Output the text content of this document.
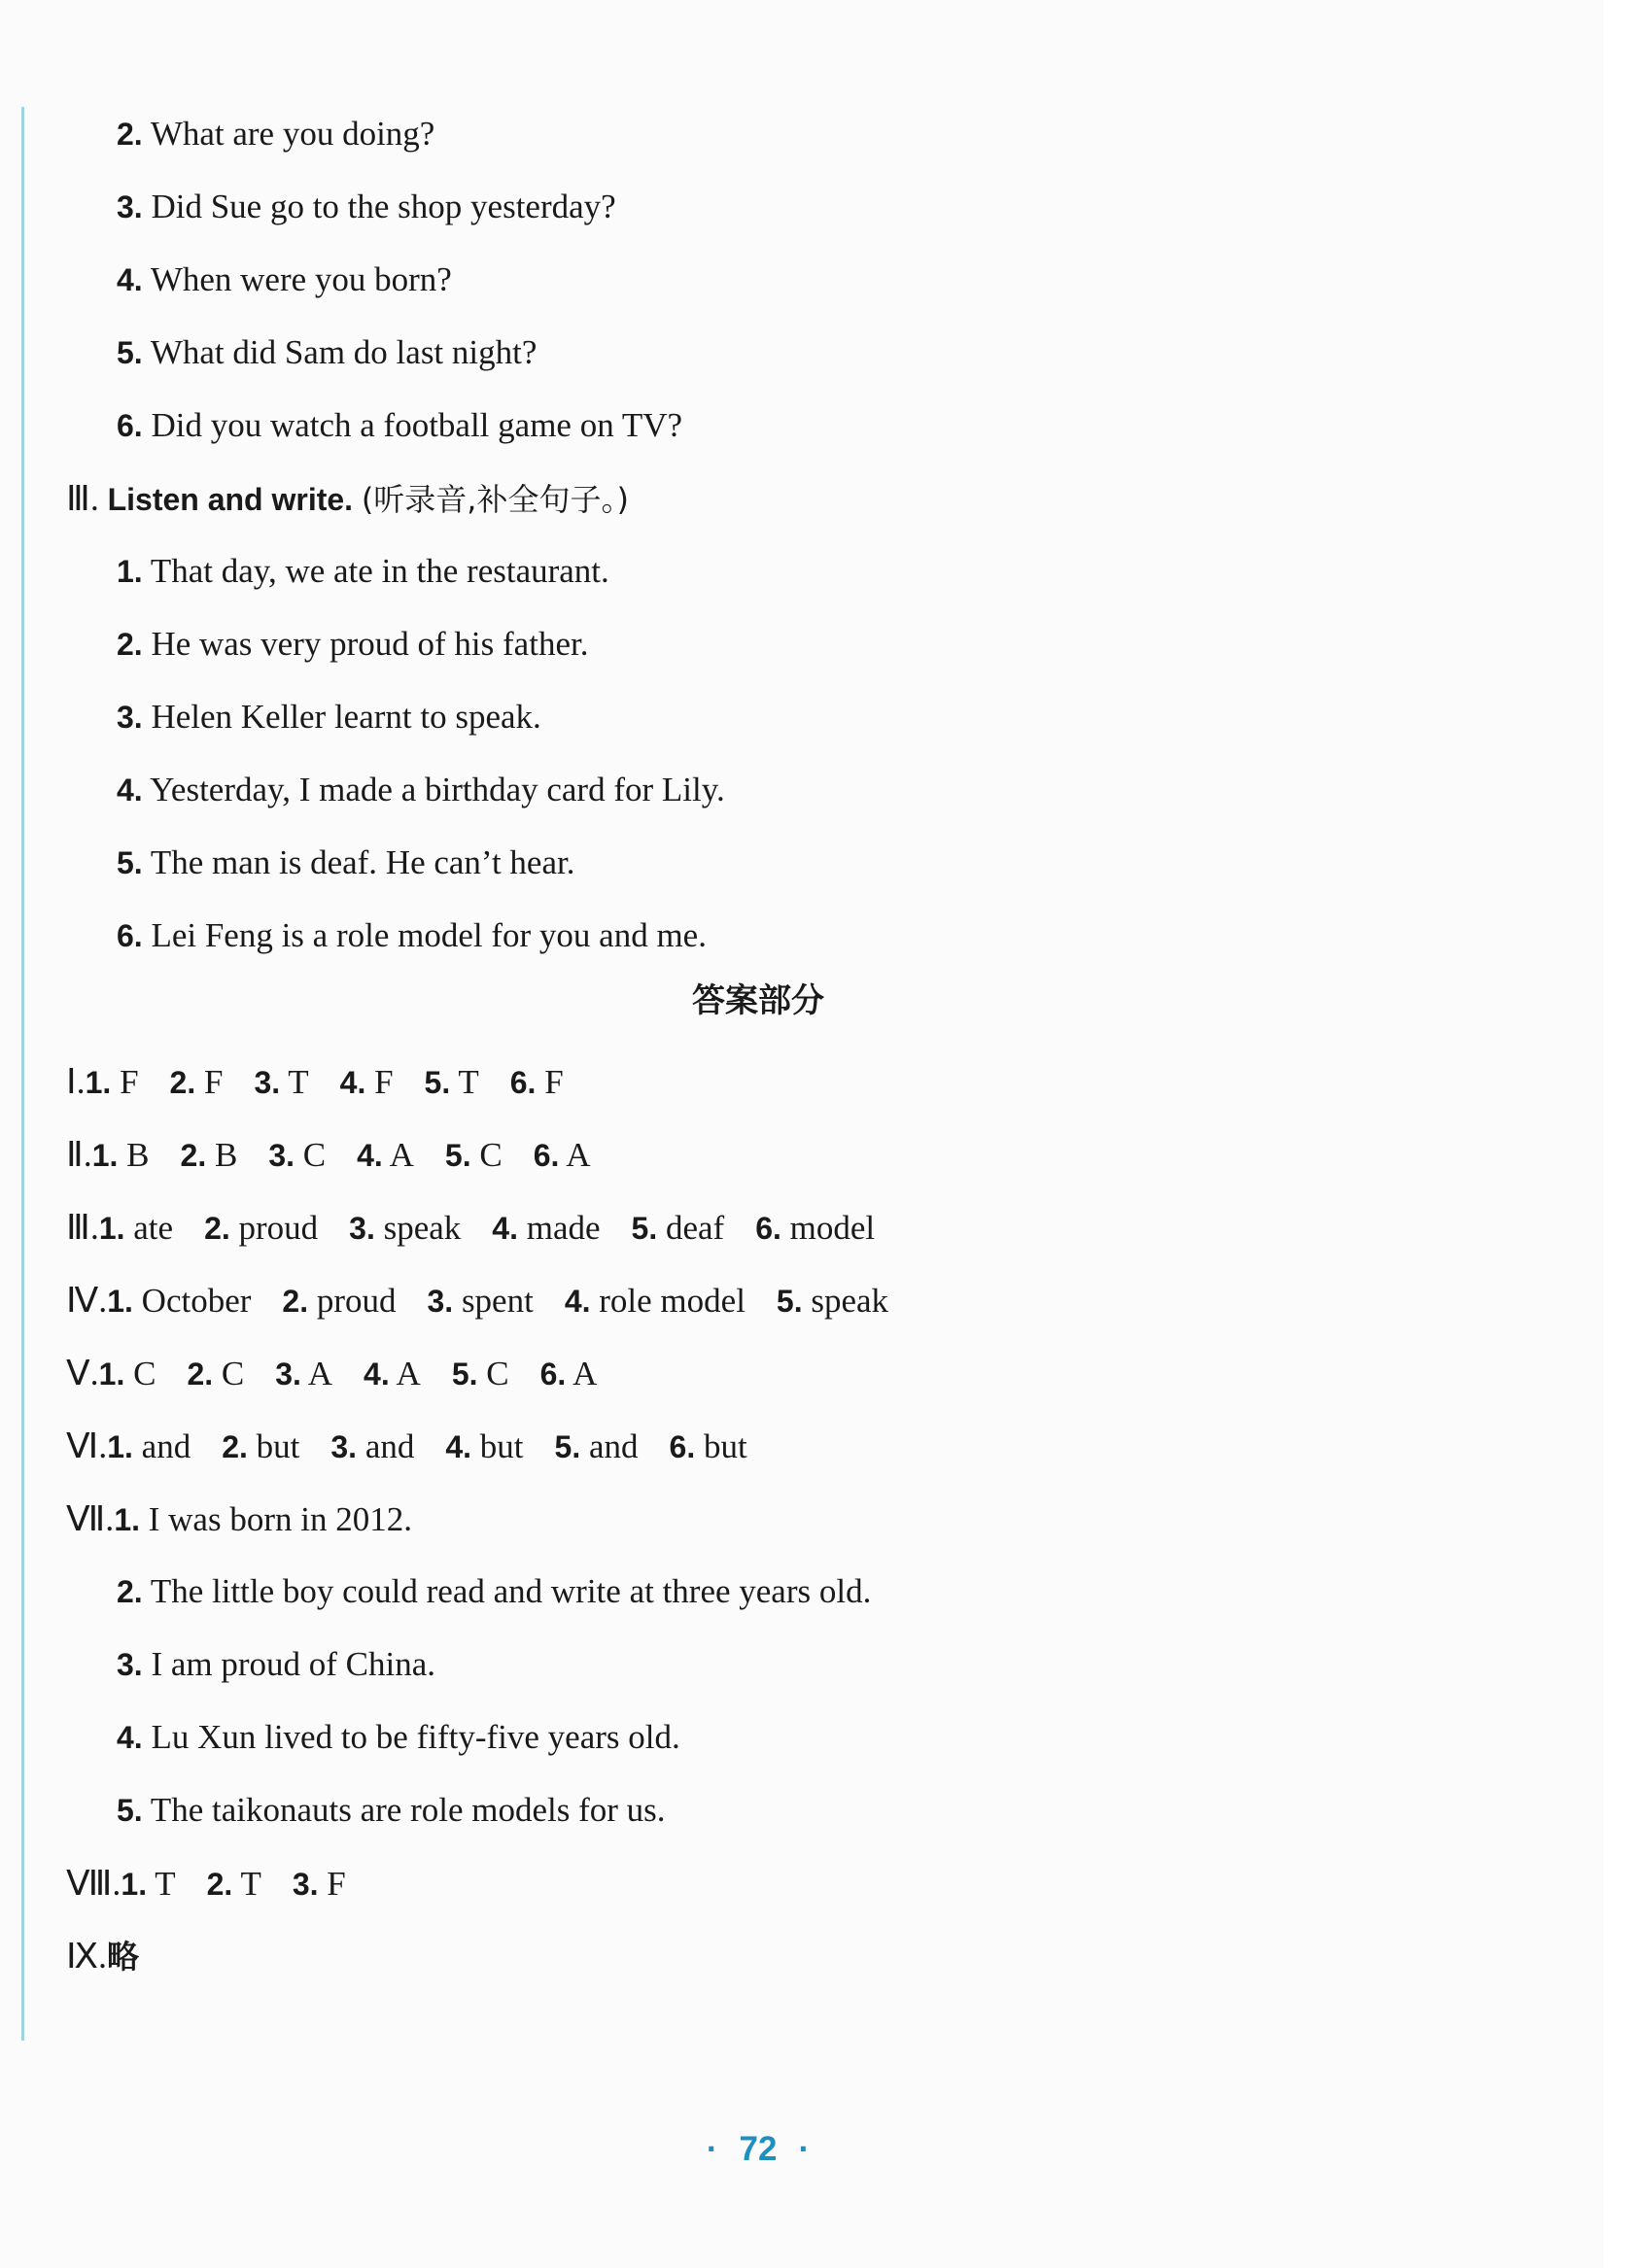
2. What are you doing?
3. Did Sue go to the shop yesterday?
4. When were you born?
5. What did Sam do last night?
6. Did you watch a football game on TV?
Ⅲ. Listen and write. (听录音,补全句子。)
1. That day, we ate in the restaurant.
2. He was very proud of his father.
3. Helen Keller learnt to speak.
4. Yesterday, I made a birthday card for Lily.
5. The man is deaf. He can’t hear.
6. Lei Feng is a role model for you and me.
答案部分
Ⅰ.1. F 2. F 3. T 4. F 5. T 6. F
Ⅱ.1. B 2. B 3. C 4. A 5. C 6. A
Ⅲ.1. ate 2. proud 3. speak 4. made 5. deaf 6. model
Ⅳ.1. October 2. proud 3. spent 4. role model 5. speak
Ⅴ.1. C 2. C 3. A 4. A 5. C 6. A
Ⅵ.1. and 2. but 3. and 4. but 5. and 6. but
Ⅶ.1. I was born in 2012.
2. The little boy could read and write at three years old.
3. I am proud of China.
4. Lu Xun lived to be fifty-five years old.
5. The taikonauts are role models for us.
Ⅷ.1. T 2. T 3. F
Ⅸ.略
· 72 ·
